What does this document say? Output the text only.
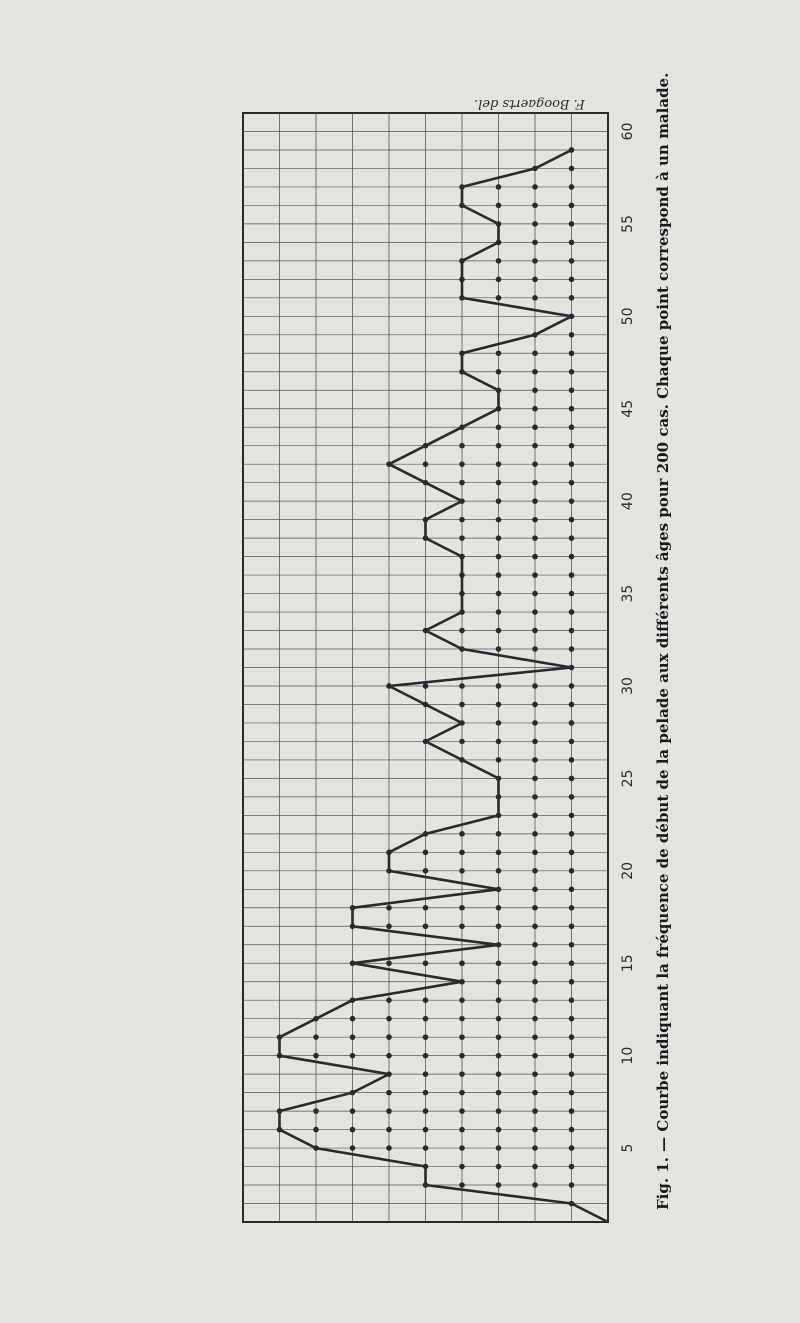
5
10
15
20
25
30
35
40
45
50
55
60
F. Boogaerts del.
Fig. 1. — Courbe indiquant la fréquence de début de la pelade aux différents âges pour 200 cas. Chaque point correspond à un malade.
